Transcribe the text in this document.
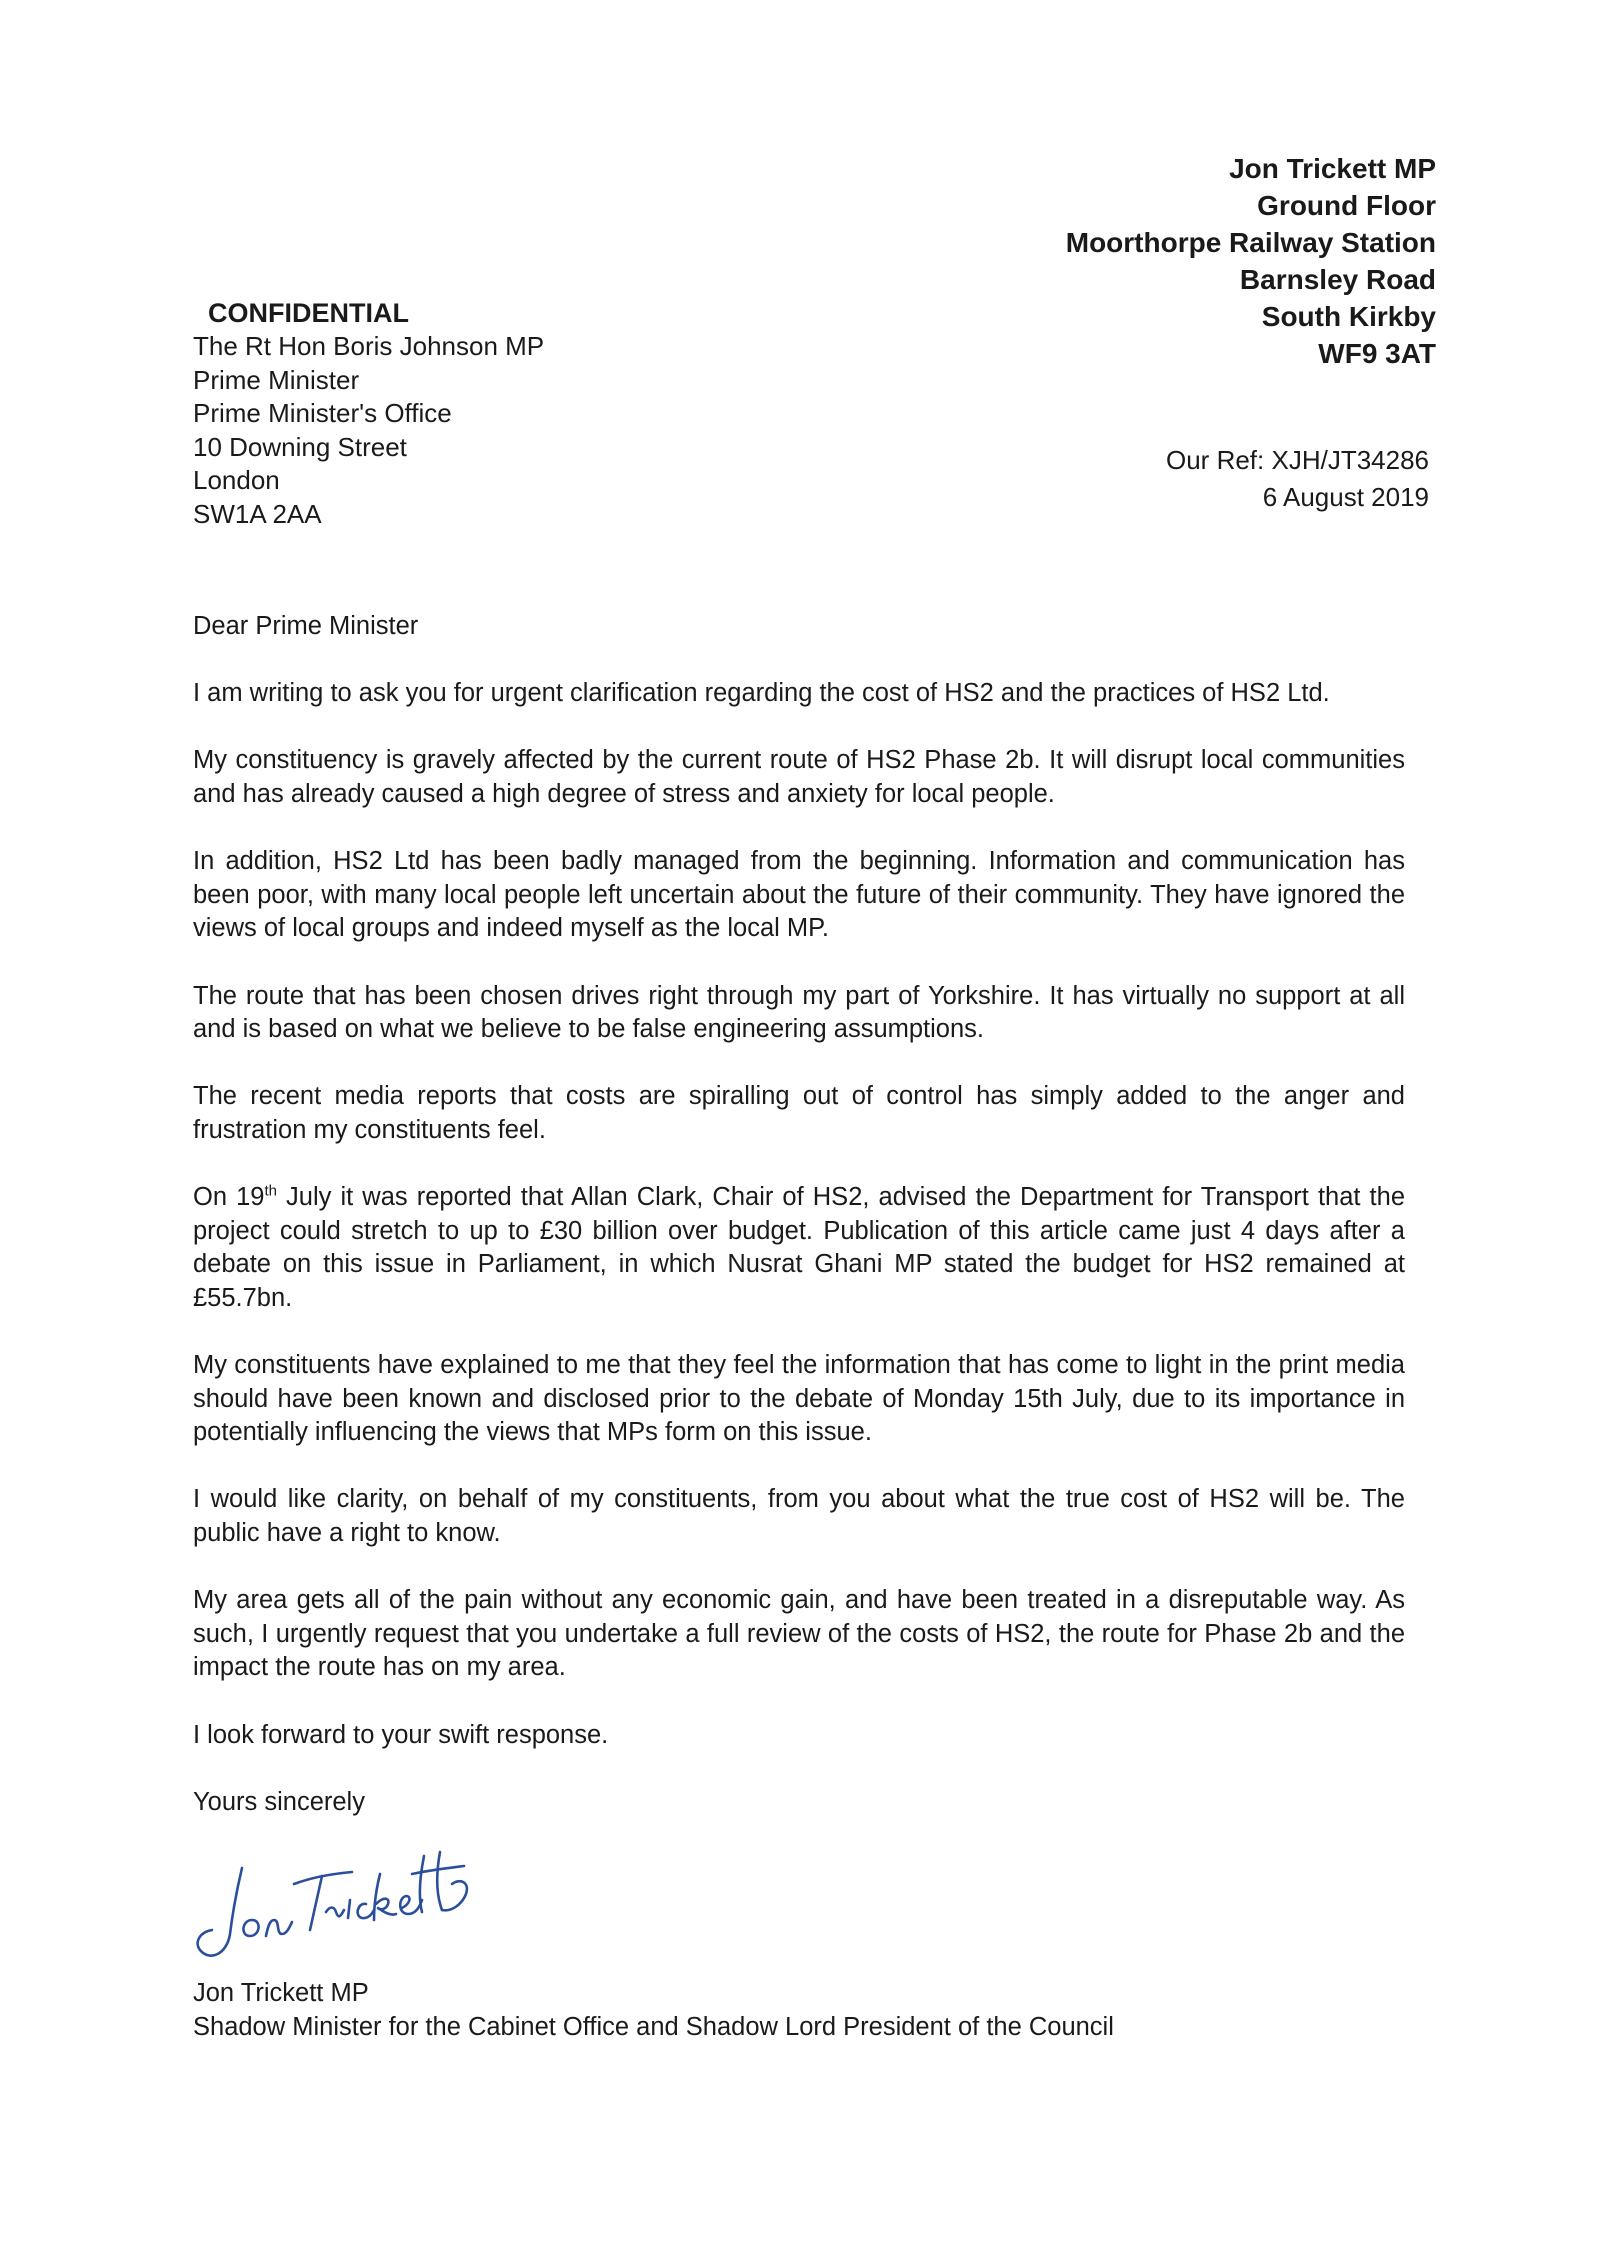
Jon Trickett MP
Ground Floor
Moorthorpe Railway Station
Barnsley Road
South Kirkby
WF9 3AT
CONFIDENTIAL
The Rt Hon Boris Johnson MP
Prime Minister
Prime Minister's Office
10 Downing Street
London
SW1A 2AA
Our Ref: XJH/JT34286
6 August 2019

Dear Prime Minister

I am writing to ask you for urgent clarification regarding the cost of HS2 and the practices of HS2 Ltd.

My constituency is gravely affected by the current route of HS2 Phase 2b. It will disrupt local communities and has already caused a high degree of stress and anxiety for local people.

In addition, HS2 Ltd has been badly managed from the beginning. Information and communication has been poor, with many local people left uncertain about the future of their community. They have ignored the views of local groups and indeed myself as the local MP.

The route that has been chosen drives right through my part of Yorkshire. It has virtually no support at all and is based on what we believe to be false engineering assumptions.

The recent media reports that costs are spiralling out of control has simply added to the anger and frustration my constituents feel.

On 19th July it was reported that Allan Clark, Chair of HS2, advised the Department for Transport that the project could stretch to up to £30 billion over budget. Publication of this article came just 4 days after a debate on this issue in Parliament, in which Nusrat Ghani MP stated the budget for HS2 remained at £55.7bn.

My constituents have explained to me that they feel the information that has come to light in the print media should have been known and disclosed prior to the debate of Monday 15th July, due to its importance in potentially influencing the views that MPs form on this issue.

I would like clarity, on behalf of my constituents, from you about what the true cost of HS2 will be. The public have a right to know.

My area gets all of the pain without any economic gain, and have been treated in a disreputable way. As such, I urgently request that you undertake a full review of the costs of HS2, the route for Phase 2b and the impact the route has on my area.

I look forward to your swift response.

Yours sincerely

Jon Trickett MP
Shadow Minister for the Cabinet Office and Shadow Lord President of the Council
